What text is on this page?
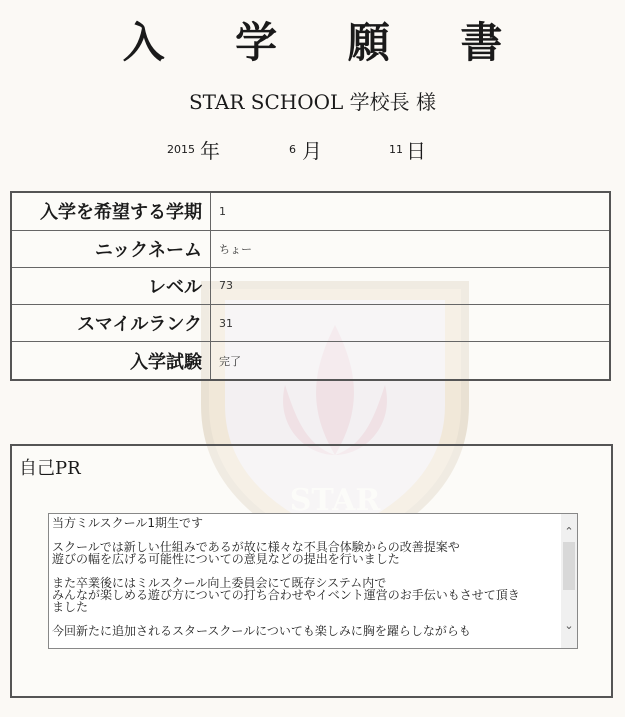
STAR
入 学 願 書
STAR SCHOOL 学校長 様
2015 年	6 月	11 日
入学を希望する学期	1
ニックネーム	ちょー
レベル	73
スマイルランク	31
入学試験	完了
自己PR
当方ミルスクール1期生です

スクールでは新しい仕組みであるが故に様々な不具合体験からの改善提案や
遊びの幅を広げる可能性についての意見などの提出を行いました

また卒業後にはミルスクール向上委員会にて既存システム内で
みんなが楽しめる遊び方についての打ち合わせやイベント運営のお手伝いもさせて頂き
ました

今回新たに追加されるスタースクールについても楽しみに胸を躍らしながらも
⌃
⌄
